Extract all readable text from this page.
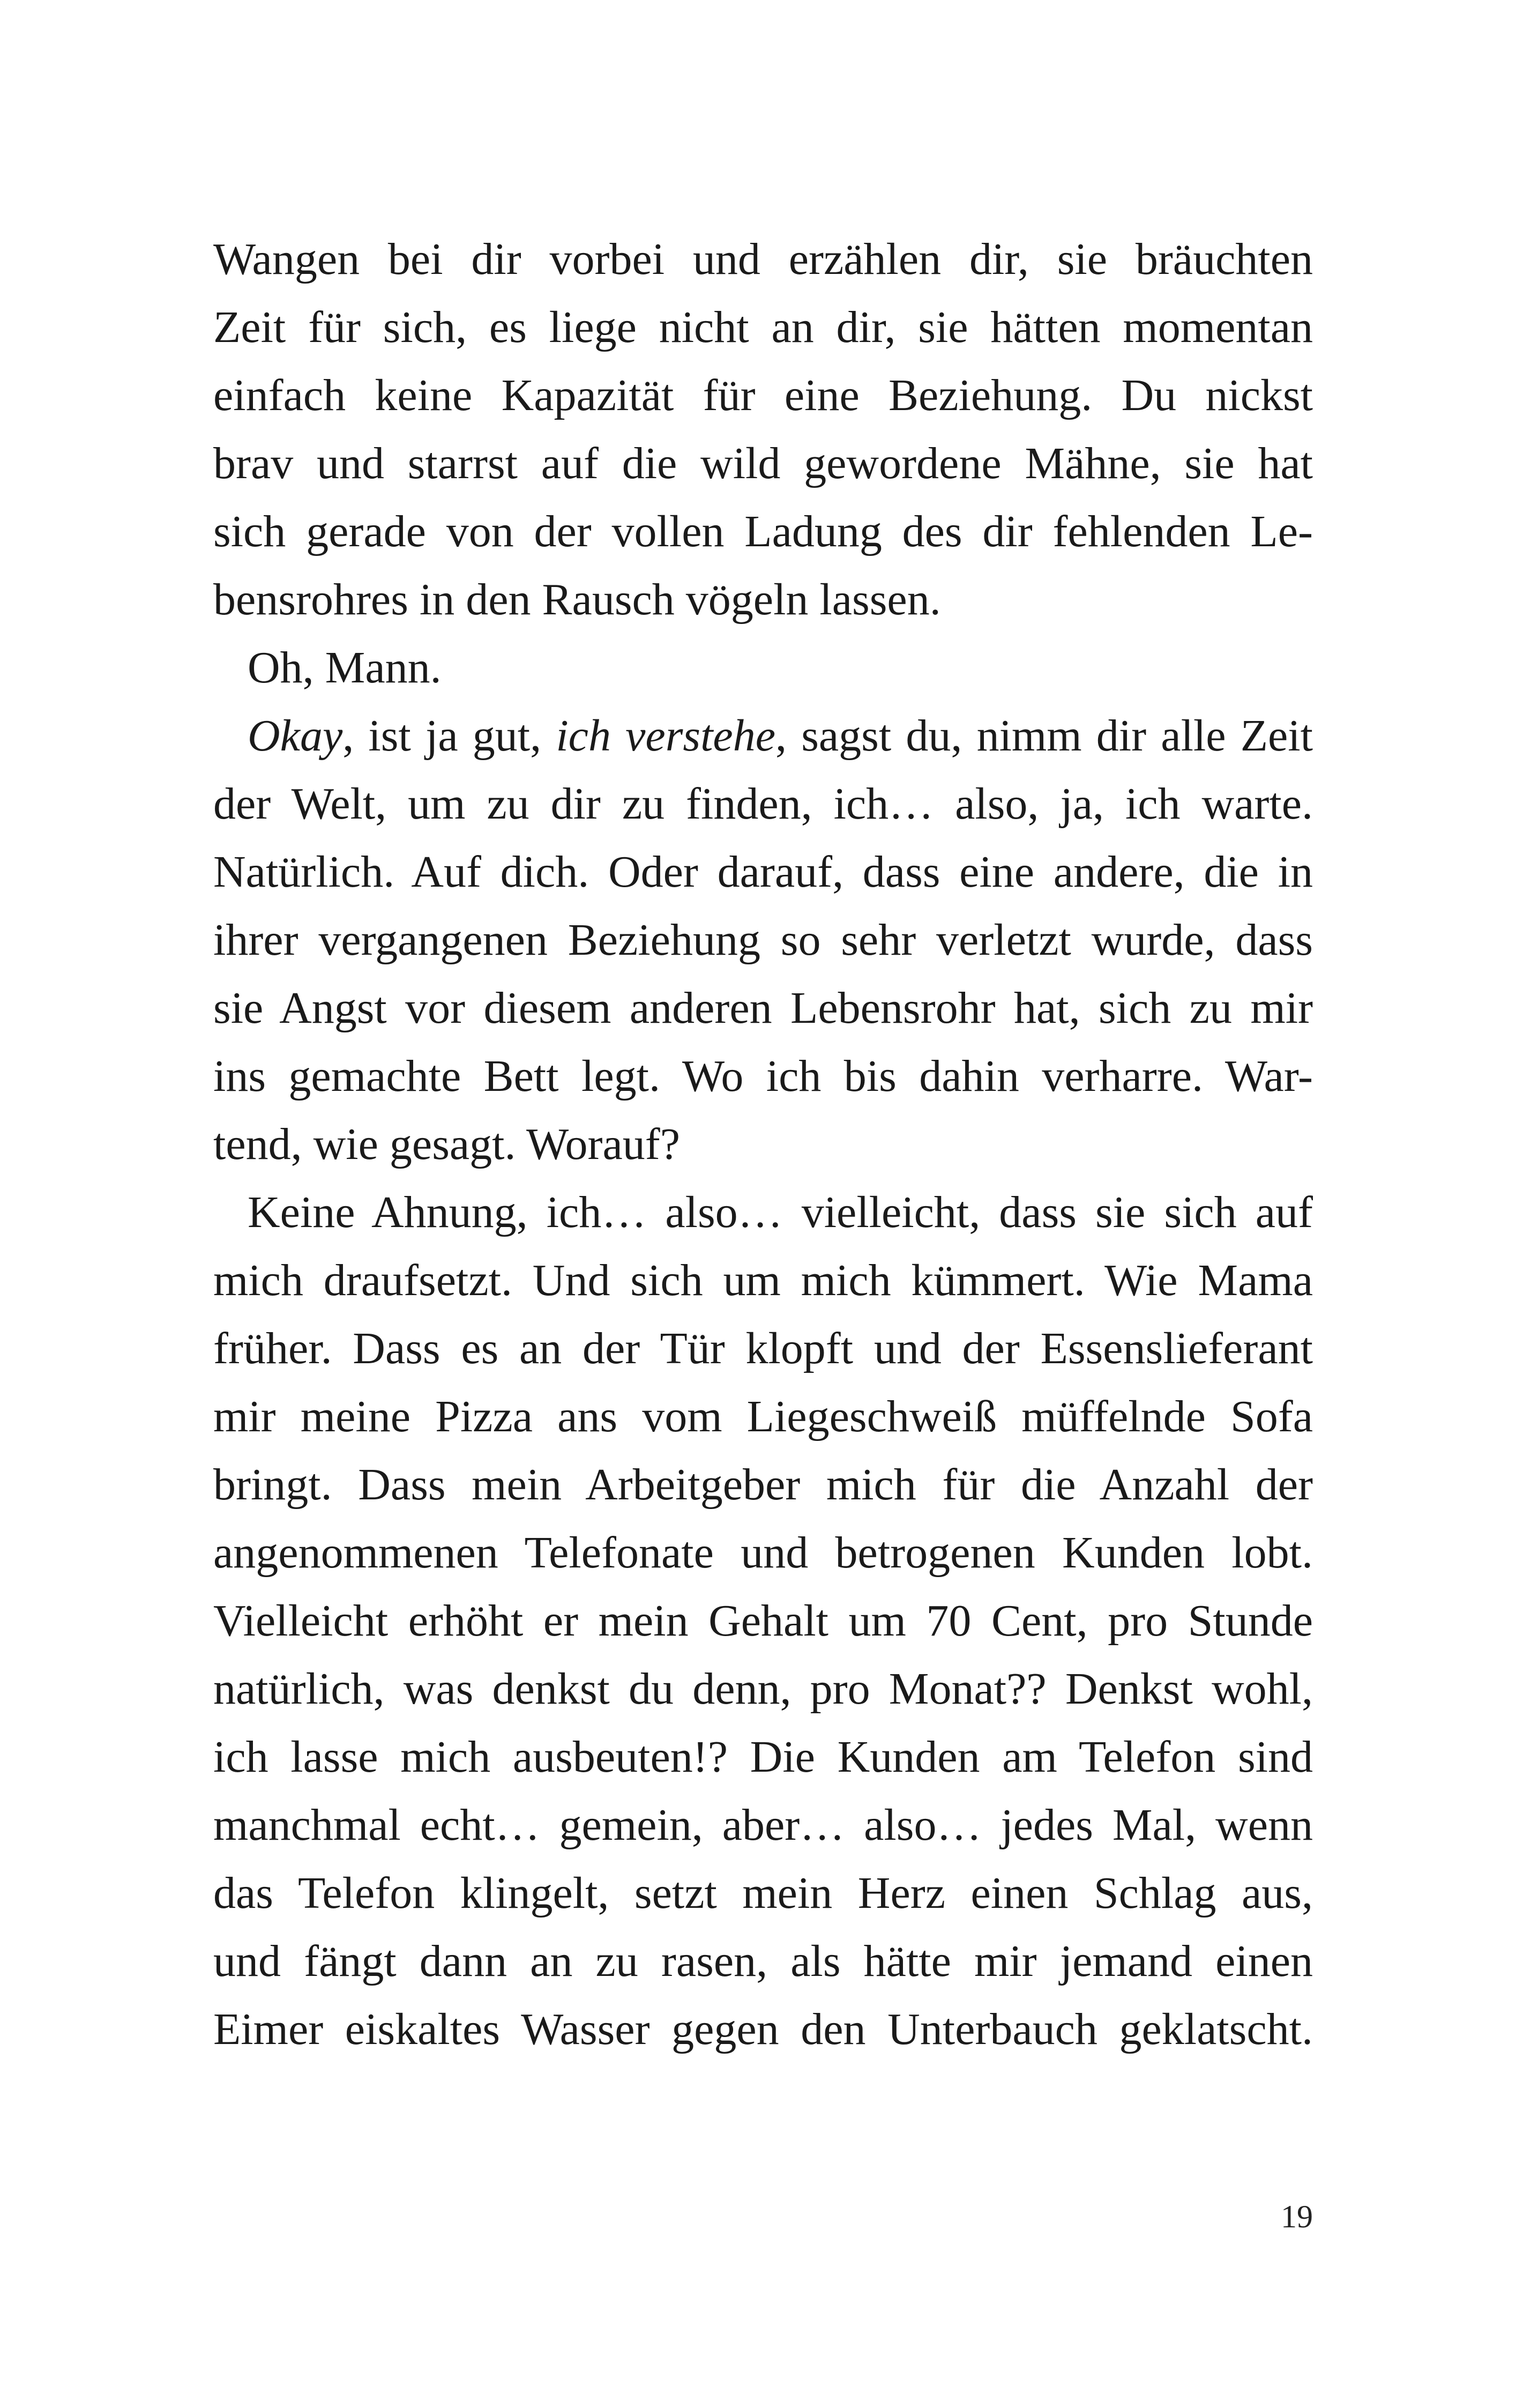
Wangen bei dir vorbei und erzählen dir, sie bräuchten
Zeit für sich, es liege nicht an dir, sie hätten momentan
einfach keine Kapazität für eine Beziehung. Du nickst
brav und starrst auf die wild gewordene Mähne, sie hat
sich gerade von der vollen Ladung des dir fehlenden Le-
bensrohres in den Rausch vögeln lassen.
Oh, Mann.
Okay, ist ja gut, ich verstehe, sagst du, nimm dir alle Zeit
der Welt, um zu dir zu finden, ich… also, ja, ich warte.
Natürlich. Auf dich. Oder darauf, dass eine andere, die in
ihrer vergangenen Beziehung so sehr verletzt wurde, dass
sie Angst vor diesem anderen Lebensrohr hat, sich zu mir
ins gemachte Bett legt. Wo ich bis dahin verharre. War-
tend, wie gesagt. Worauf?
Keine Ahnung, ich… also… vielleicht, dass sie sich auf
mich draufsetzt. Und sich um mich kümmert. Wie Mama
früher. Dass es an der Tür klopft und der Essenslieferant
mir meine Pizza ans vom Liegeschweiß müffelnde Sofa
bringt. Dass mein Arbeitgeber mich für die Anzahl der
angenommenen Telefonate und betrogenen Kunden lobt.
Vielleicht erhöht er mein Gehalt um 70 Cent, pro Stunde
natürlich, was denkst du denn, pro Monat?? Denkst wohl,
ich lasse mich ausbeuten!? Die Kunden am Telefon sind
manchmal echt… gemein, aber… also… jedes Mal, wenn
das Telefon klingelt, setzt mein Herz einen Schlag aus,
und fängt dann an zu rasen, als hätte mir jemand einen
Eimer eiskaltes Wasser gegen den Unterbauch geklatscht.
19
